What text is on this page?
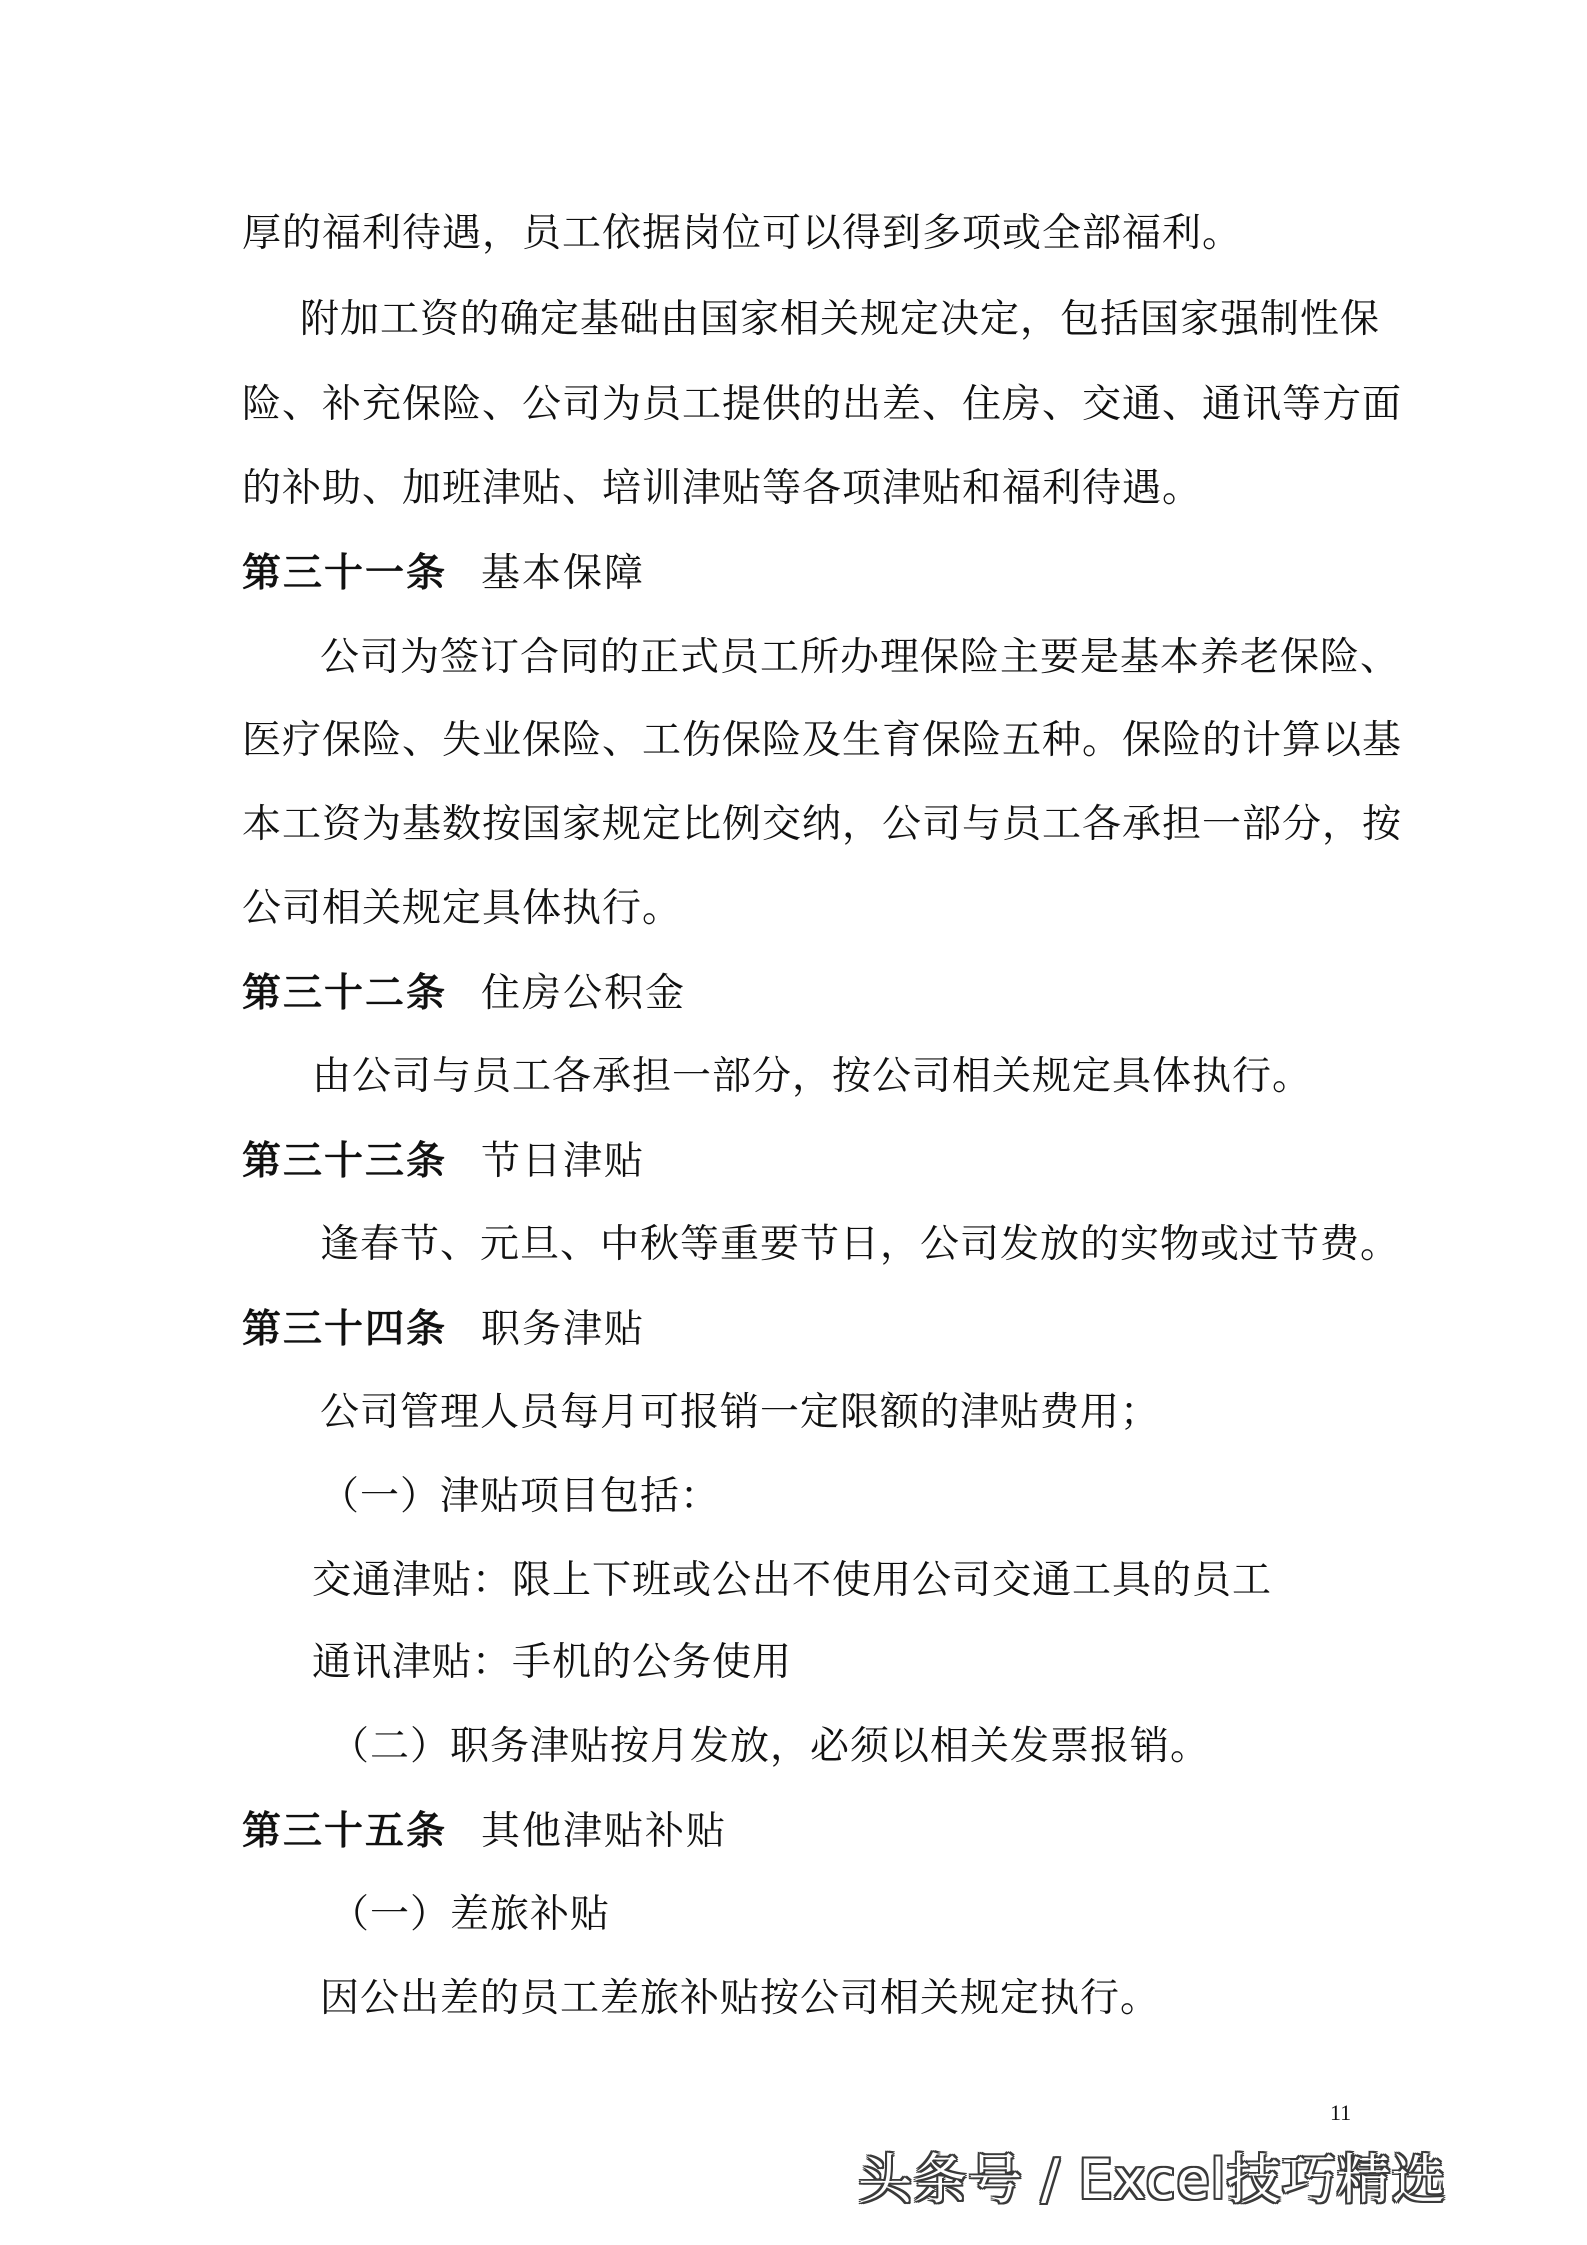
厚的福利待遇，员工依据岗位可以得到多项或全部福利。
附加工资的确定基础由国家相关规定决定，包括国家强制性保
险、补充保险、公司为员工提供的出差、住房、交通、通讯等方面
的补助、加班津贴、培训津贴等各项津贴和福利待遇。
第三十一条 基本保障
公司为签订合同的正式员工所办理保险主要是基本养老保险、
医疗保险、失业保险、工伤保险及生育保险五种。保险的计算以基
本工资为基数按国家规定比例交纳，公司与员工各承担一部分，按
公司相关规定具体执行。
第三十二条 住房公积金
由公司与员工各承担一部分，按公司相关规定具体执行。
第三十三条 节日津贴
逢春节、元旦、中秋等重要节日，公司发放的实物或过节费。
第三十四条 职务津贴
公司管理人员每月可报销一定限额的津贴费用；
（一）津贴项目包括：
交通津贴：限上下班或公出不使用公司交通工具的员工
通讯津贴：手机的公务使用
（二）职务津贴按月发放，必须以相关发票报销。
第三十五条 其他津贴补贴
（一）差旅补贴
因公出差的员工差旅补贴按公司相关规定执行。
11
头条号 / Excel技巧精选
